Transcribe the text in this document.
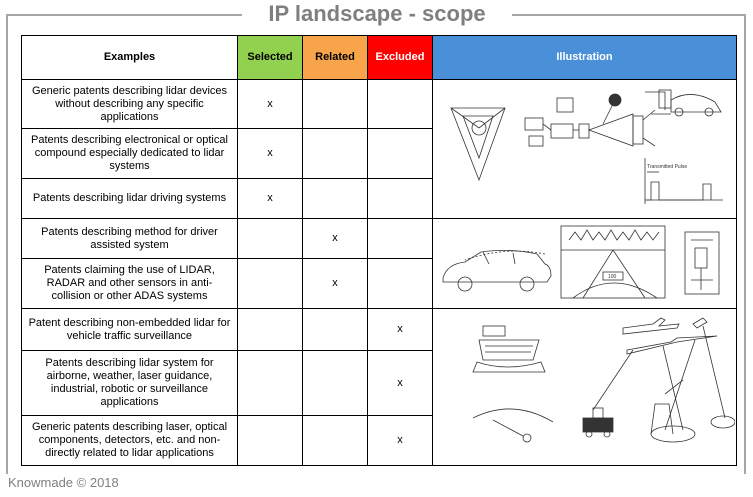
IP landscape - scope
Examples	Selected	Related	Excluded	Illustration
Generic patents describing lidar devices without describing any specific applications	x			Transmitted Pulse

Patents describing electronical or optical compound especially dedicated to lidar systems	x			
Patents describing lidar driving systems	x			
Patents describing method for driver assisted system		x		100

Patents claiming the use of LIDAR, RADAR and other sensors in anti-collision or other ADAS systems		x		
Patent describing non-embedded lidar for vehicle traffic surveillance			x	

Patents describing lidar system for airborne, weather, laser guidance, industrial, robotic or surveillance applications			x	
Generic patents describing laser, optical components, detectors, etc. and non-directly related to lidar applications			x	
Knowmade © 2018
